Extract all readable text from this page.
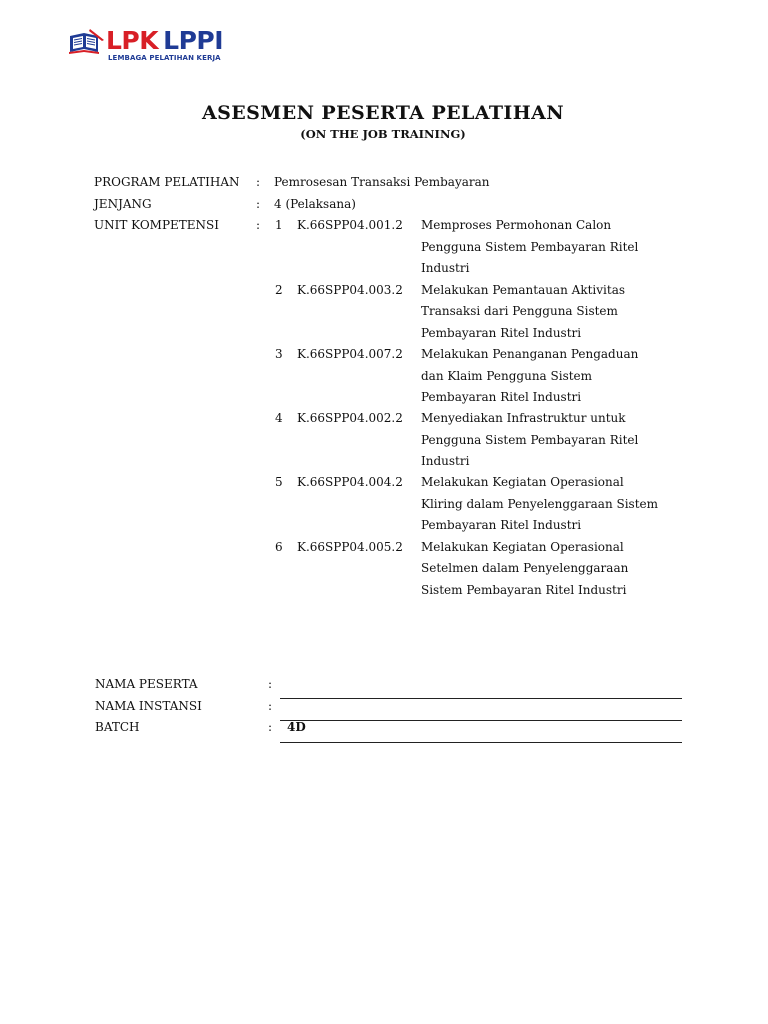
LPK LPPI
LEMBAGA PELATIHAN KERJA
ASESMEN PESERTA PELATIHAN
(ON THE JOB TRAINING)
PROGRAM PELATIHAN : Pemrosesan Transaksi Pembayaran
JENJANG	: 4 (Pelaksana)
UNIT KOMPETENSI	: 1 K.66SPP04.001.2 Memproses Permohonan Calon
Pengguna Sistem Pembayaran Ritel
Industri
2 K.66SPP04.003.2 Melakukan Pemantauan Aktivitas
Transaksi dari Pengguna Sistem
Pembayaran Ritel Industri
3 K.66SPP04.007.2 Melakukan Penanganan Pengaduan
dan Klaim Pengguna Sistem
Pembayaran Ritel Industri
4 K.66SPP04.002.2 Menyediakan Infrastruktur untuk
Pengguna Sistem Pembayaran Ritel
Industri
5 K.66SPP04.004.2 Melakukan Kegiatan Operasional
Kliring dalam Penyelenggaraan Sistem
Pembayaran Ritel Industri
6 K.66SPP04.005.2 Melakukan Kegiatan Operasional
Setelmen dalam Penyelenggaraan
Sistem Pembayaran Ritel Industri
NAMA PESERTA	:
NAMA INSTANSI	:
BATCH	: 4D
